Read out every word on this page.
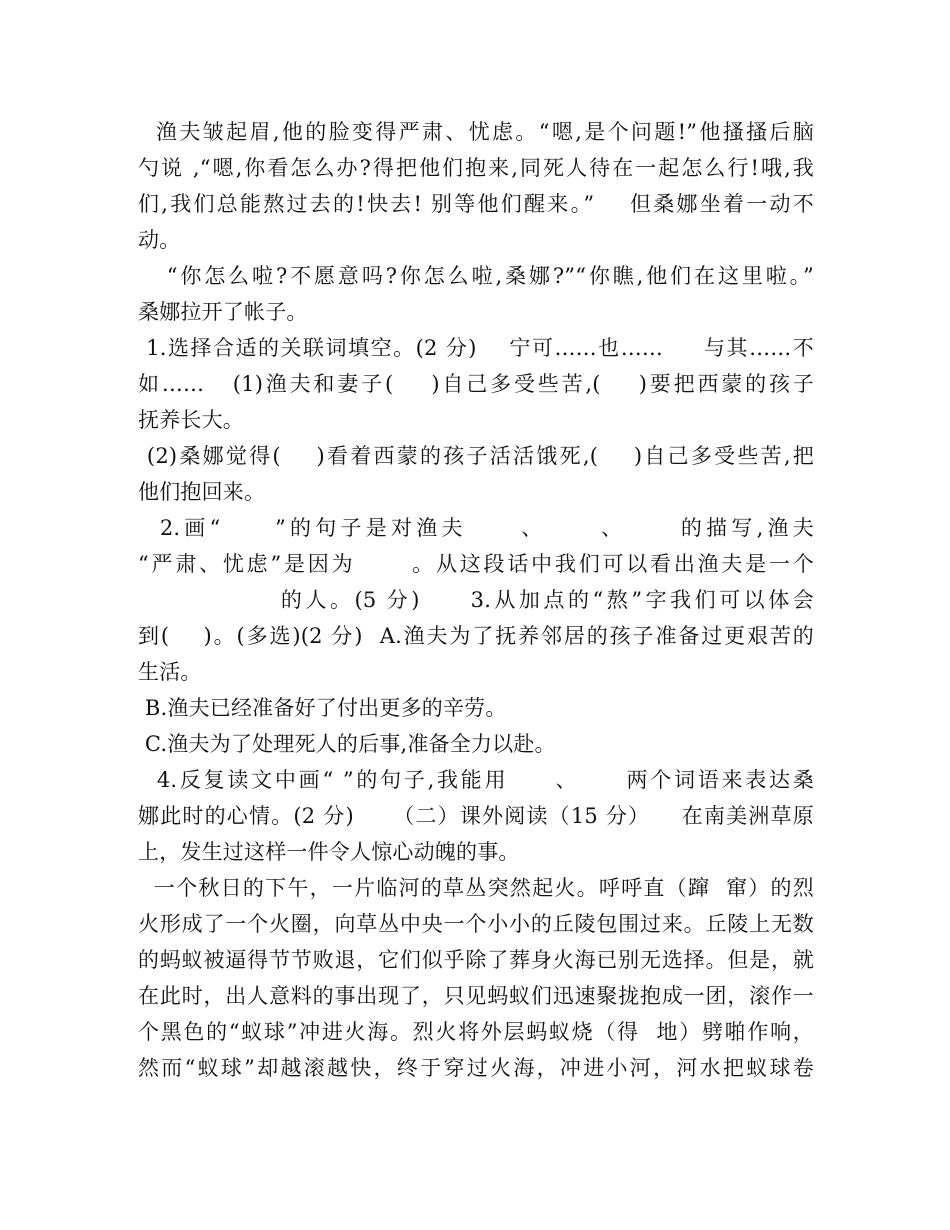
渔夫皱起眉,他的脸变得严肃、忧虑。“嗯,是个问题!”他搔搔后脑
勺说 ,“嗯,你看怎么办?得把他们抱来,同死人待在一起怎么行!哦,我
们,我们总能熬过去的!快去! 别等他们醒来。”    但桑娜坐着一动不
动。
“你怎么啦?不愿意吗?你怎么啦,桑娜?”“你瞧,他们在这里啦。”
桑娜拉开了帐子。
1.选择合适的关联词填空。(2 分)    宁可……也……     与其……不
如……   (1)渔夫和妻子(    )自己多受些苦,(    )要把西蒙的孩子
抚养长大。
(2)桑娜觉得(    )看着西蒙的孩子活活饿死,(    )自己多受些苦,把
他们抱回来。
2.画“     ”的句子是对渔夫     、     、     的描写,渔夫
“严肃、忧虑”是因为      。从这段话中我们可以看出渔夫是一个
的人。(5 分)     3.从加点的“熬”字我们可以体会
到(    )。(多选)(2 分)  A.渔夫为了抚养邻居的孩子准备过更艰苦的
生活。
B.渔夫已经准备好了付出更多的辛劳。
C.渔夫为了处理死人的后事,准备全力以赴。
4.反复读文中画“ ”的句子,我能用     、     两个词语来表达桑
娜此时的心情。(2 分)     （二）课外阅读（15 分）    在南美洲草原
上，发生过这样一件令人惊心动魄的事。
一个秋日的下午，一片临河的草丛突然起火。呼呼直（蹿  窜）的烈
火形成了一个火圈，向草丛中央一个小小的丘陵包围过来。丘陵上无数
的蚂蚁被逼得节节败退，它们似乎除了葬身火海已别无选择。但是，就
在此时，出人意料的事出现了，只见蚂蚁们迅速聚拢抱成一团，滚作一
个黑色的“蚁球”冲进火海。烈火将外层蚂蚁烧（得  地）劈啪作响，
然而“蚁球”却越滚越快，终于穿过火海，冲进小河，河水把蚁球卷
